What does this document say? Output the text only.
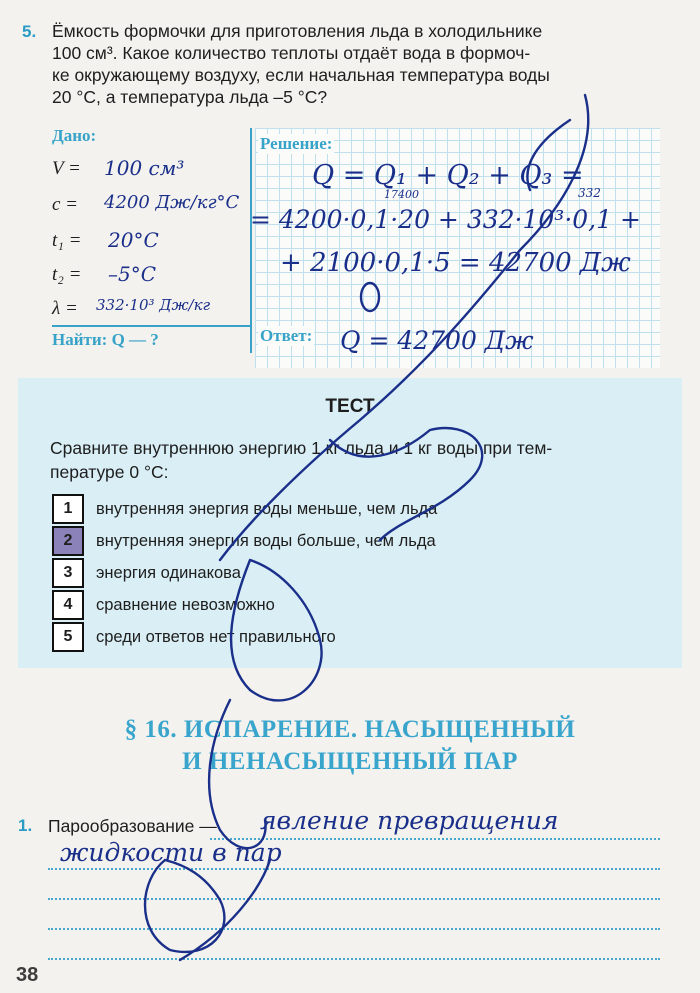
5. Ёмкость формочки для приготовления льда в холодильнике
100 см³. Какое количество теплоты отдаёт вода в формоч-
ке окружающему воздуху, если начальная температура воды
20 °С, а температура льда –5 °С?
Дано:
V = 100 см³
c = 4200 Дж/кг°С
t₁ = 20°С
t₂ = –5°С
λ = 332·10³ Дж/кг
Найти: Q — ?
Решение:
Ответ:
Q = Q₁ + Q₂ + Q₃ =
17400	332
= 4200·0,1·20 + 332·10³·0,1 +
+ 2100·0,1·5 = 42700 Дж
Q = 42700 Дж
ТЕСТ
Сравните внутреннюю энергию 1 кг льда и 1 кг воды при тем-
пературе 0 °С:
1	внутренняя энергия воды меньше, чем льда
2	внутренняя энергия воды больше, чем льда
3	энергия одинакова
4	сравнение невозможно
5	среди ответов нет правильного
§ 16. ИСПАРЕНИЕ. НАСЫЩЕННЫЙ
И НЕНАСЫЩЕННЫЙ ПАР
1. Парообразование — явление превращения
жидкости в пар
38
